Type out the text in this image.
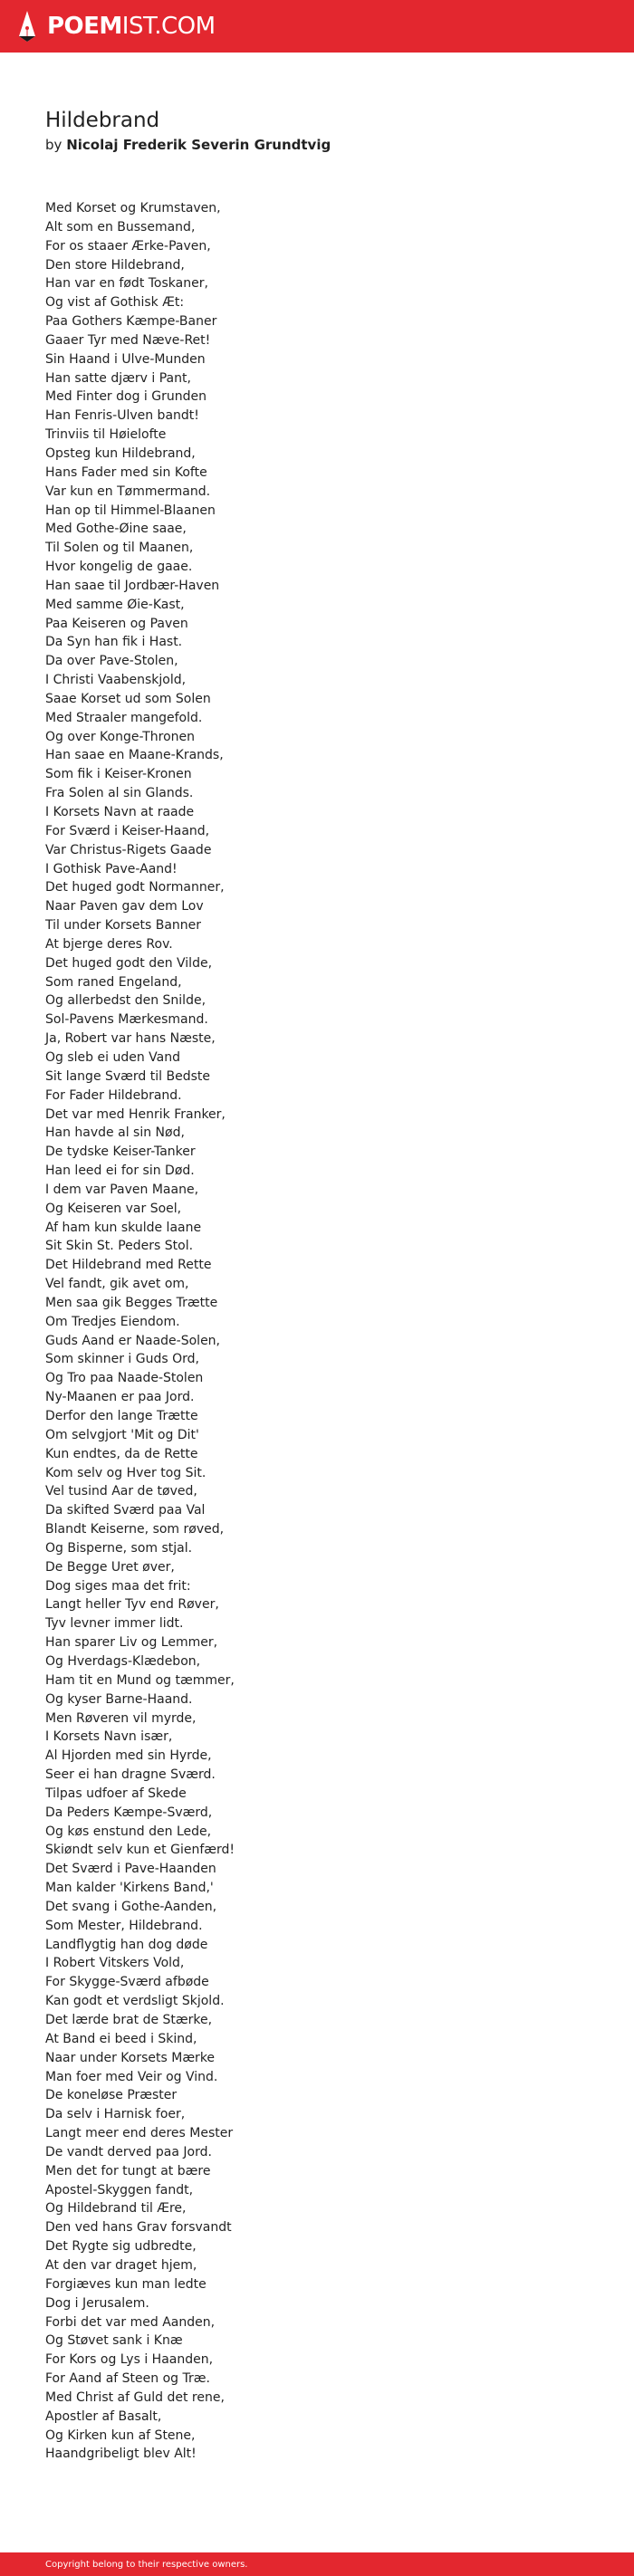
POEMIST.COM
Hildebrand
by Nicolaj Frederik Severin Grundtvig
Med Korset og Krumstaven,
Alt som en Bussemand,
For os staaer Ærke-Paven,
Den store Hildebrand,
Han var en født Toskaner,
Og vist af Gothisk Æt:
Paa Gothers Kæmpe-Baner
Gaaer Tyr med Næve-Ret!
Sin Haand i Ulve-Munden
Han satte djærv i Pant,
Med Finter dog i Grunden
Han Fenris-Ulven bandt!
Trinviis til Høielofte
Opsteg kun Hildebrand,
Hans Fader med sin Kofte
Var kun en Tømmermand.
Han op til Himmel-Blaanen
Med Gothe-Øine saae,
Til Solen og til Maanen,
Hvor kongelig de gaae.
Han saae til Jordbær-Haven
Med samme Øie-Kast,
Paa Keiseren og Paven
Da Syn han fik i Hast.
Da over Pave-Stolen,
I Christi Vaabenskjold,
Saae Korset ud som Solen
Med Straaler mangefold.
Og over Konge-Thronen
Han saae en Maane-Krands,
Som fik i Keiser-Kronen
Fra Solen al sin Glands.
I Korsets Navn at raade
For Sværd i Keiser-Haand,
Var Christus-Rigets Gaade
I Gothisk Pave-Aand!
Det huged godt Normanner,
Naar Paven gav dem Lov
Til under Korsets Banner
At bjerge deres Rov.
Det huged godt den Vilde,
Som raned Engeland,
Og allerbedst den Snilde,
Sol-Pavens Mærkesmand.
Ja, Robert var hans Næste,
Og sleb ei uden Vand
Sit lange Sværd til Bedste
For Fader Hildebrand.
Det var med Henrik Franker,
Han havde al sin Nød,
De tydske Keiser-Tanker
Han leed ei for sin Død.
I dem var Paven Maane,
Og Keiseren var Soel,
Af ham kun skulde laane
Sit Skin St. Peders Stol.
Det Hildebrand med Rette
Vel fandt, gik avet om,
Men saa gik Begges Trætte
Om Tredjes Eiendom.
Guds Aand er Naade-Solen,
Som skinner i Guds Ord,
Og Tro paa Naade-Stolen
Ny-Maanen er paa Jord.
Derfor den lange Trætte
Om selvgjort 'Mit og Dit'
Kun endtes, da de Rette
Kom selv og Hver tog Sit.
Vel tusind Aar de tøved,
Da skifted Sværd paa Val
Blandt Keiserne, som røved,
Og Bisperne, som stjal.
De Begge Uret øver,
Dog siges maa det frit:
Langt heller Tyv end Røver,
Tyv levner immer lidt.
Han sparer Liv og Lemmer,
Og Hverdags-Klædebon,
Ham tit en Mund og tæmmer,
Og kyser Barne-Haand.
Men Røveren vil myrde,
I Korsets Navn især,
Al Hjorden med sin Hyrde,
Seer ei han dragne Sværd.
Tilpas udfoer af Skede
Da Peders Kæmpe-Sværd,
Og køs enstund den Lede,
Skiøndt selv kun et Gienfærd!
Det Sværd i Pave-Haanden
Man kalder 'Kirkens Band,'
Det svang i Gothe-Aanden,
Som Mester, Hildebrand.
Landflygtig han dog døde
I Robert Vitskers Vold,
For Skygge-Sværd afbøde
Kan godt et verdsligt Skjold.
Det lærde brat de Stærke,
At Band ei beed i Skind,
Naar under Korsets Mærke
Man foer med Veir og Vind.
De koneløse Præster
Da selv i Harnisk foer,
Langt meer end deres Mester
De vandt derved paa Jord.
Men det for tungt at bære
Apostel-Skyggen fandt,
Og Hildebrand til Ære,
Den ved hans Grav forsvandt
Det Rygte sig udbredte,
At den var draget hjem,
Forgiæves kun man ledte
Dog i Jerusalem.
Forbi det var med Aanden,
Og Støvet sank i Knæ
For Kors og Lys i Haanden,
For Aand af Steen og Træ.
Med Christ af Guld det rene,
Apostler af Basalt,
Og Kirken kun af Stene,
Haandgribeligt blev Alt!
Copyright belong to their respective owners.
